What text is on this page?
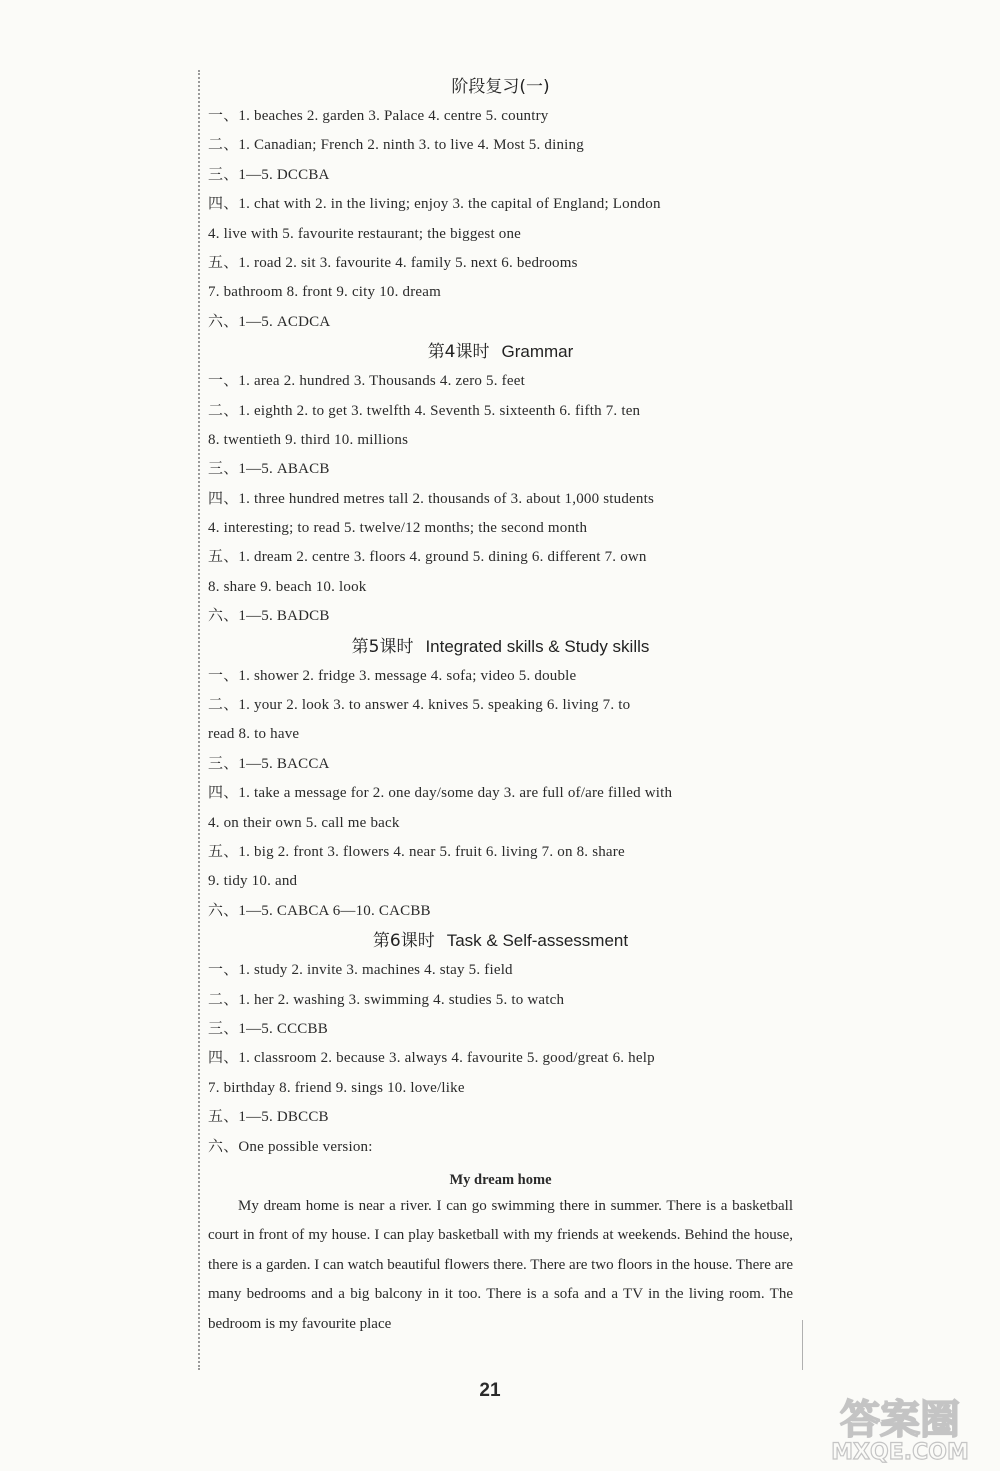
阶段复习(一)
一、1. beaches 2. garden 3. Palace 4. centre 5. country
二、1. Canadian; French 2. ninth 3. to live 4. Most 5. dining
三、1—5. DCCBA
四、1. chat with 2. in the living; enjoy 3. the capital of England; London
4. live with 5. favourite restaurant; the biggest one
五、1. road 2. sit 3. favourite 4. family 5. next 6. bedrooms
7. bathroom 8. front 9. city 10. dream
六、1—5. ACDCA
第4课时 Grammar
一、1. area 2. hundred 3. Thousands 4. zero 5. feet
二、1. eighth 2. to get 3. twelfth 4. Seventh 5. sixteenth 6. fifth 7. ten
8. twentieth 9. third 10. millions
三、1—5. ABACB
四、1. three hundred metres tall 2. thousands of 3. about 1,000 students
4. interesting; to read 5. twelve/12 months; the second month
五、1. dream 2. centre 3. floors 4. ground 5. dining 6. different 7. own
8. share 9. beach 10. look
六、1—5. BADCB
第5课时 Integrated skills & Study skills
一、1. shower 2. fridge 3. message 4. sofa; video 5. double
二、1. your 2. look 3. to answer 4. knives 5. speaking 6. living 7. to
read 8. to have
三、1—5. BACCA
四、1. take a message for 2. one day/some day 3. are full of/are filled with
4. on their own 5. call me back
五、1. big 2. front 3. flowers 4. near 5. fruit 6. living 7. on 8. share
9. tidy 10. and
六、1—5. CABCA 6—10. CACBB
第6课时 Task & Self-assessment
一、1. study 2. invite 3. machines 4. stay 5. field
二、1. her 2. washing 3. swimming 4. studies 5. to watch
三、1—5. CCCBB
四、1. classroom 2. because 3. always 4. favourite 5. good/great 6. help
7. birthday 8. friend 9. sings 10. love/like
五、1—5. DBCCB
六、One possible version:
My dream home

My dream home is near a river. I can go swimming there in summer. There is a basketball court in front of my house. I can play basketball with my friends at weekends. Behind the house, there is a garden. I can watch beautiful flowers there. There are two floors in the house. There are many bedrooms and a big balcony in it too. There is a sofa and a TV in the living room. The bedroom is my favourite place

21
答案圈
MXQE.COM
